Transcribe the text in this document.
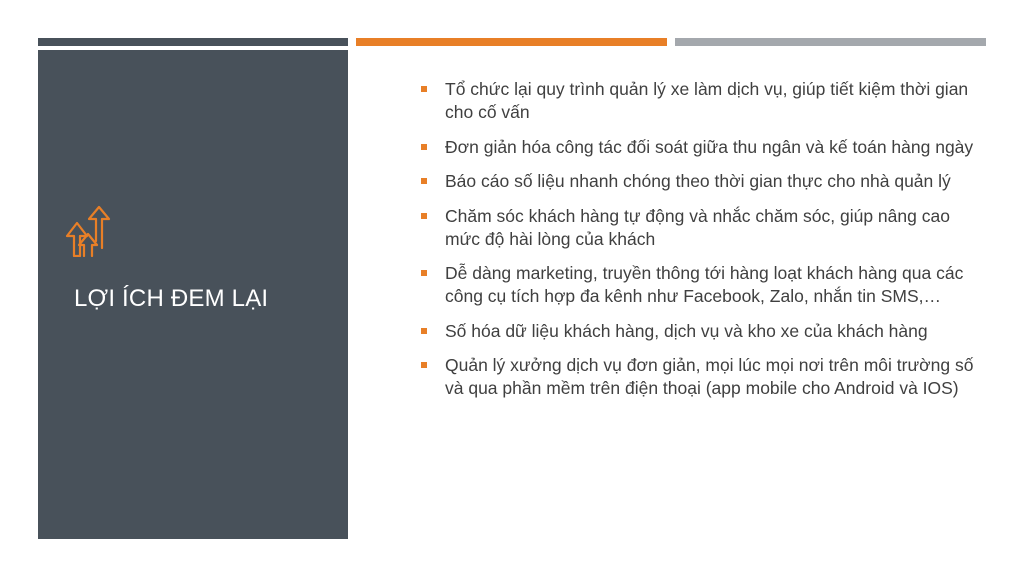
LỢI ÍCH ĐEM LẠI
Tổ chức lại quy trình quản lý xe làm dịch vụ, giúp tiết kiệm thời gian cho cố vấn
Đơn giản hóa công tác đối soát giữa thu ngân và kế toán hàng ngày
Báo cáo số liệu nhanh chóng theo thời gian thực cho nhà quản lý
Chăm sóc khách hàng tự động và nhắc chăm sóc, giúp nâng cao mức độ hài lòng của khách
Dễ dàng marketing, truyền thông tới hàng loạt khách hàng qua các công cụ tích hợp đa kênh như Facebook, Zalo, nhắn tin SMS,…
Số hóa dữ liệu khách hàng, dịch vụ và kho xe của khách hàng
Quản lý xưởng dịch vụ đơn giản, mọi lúc mọi nơi trên môi trường số và qua phần mềm trên điện thoại (app mobile cho Android và IOS)
